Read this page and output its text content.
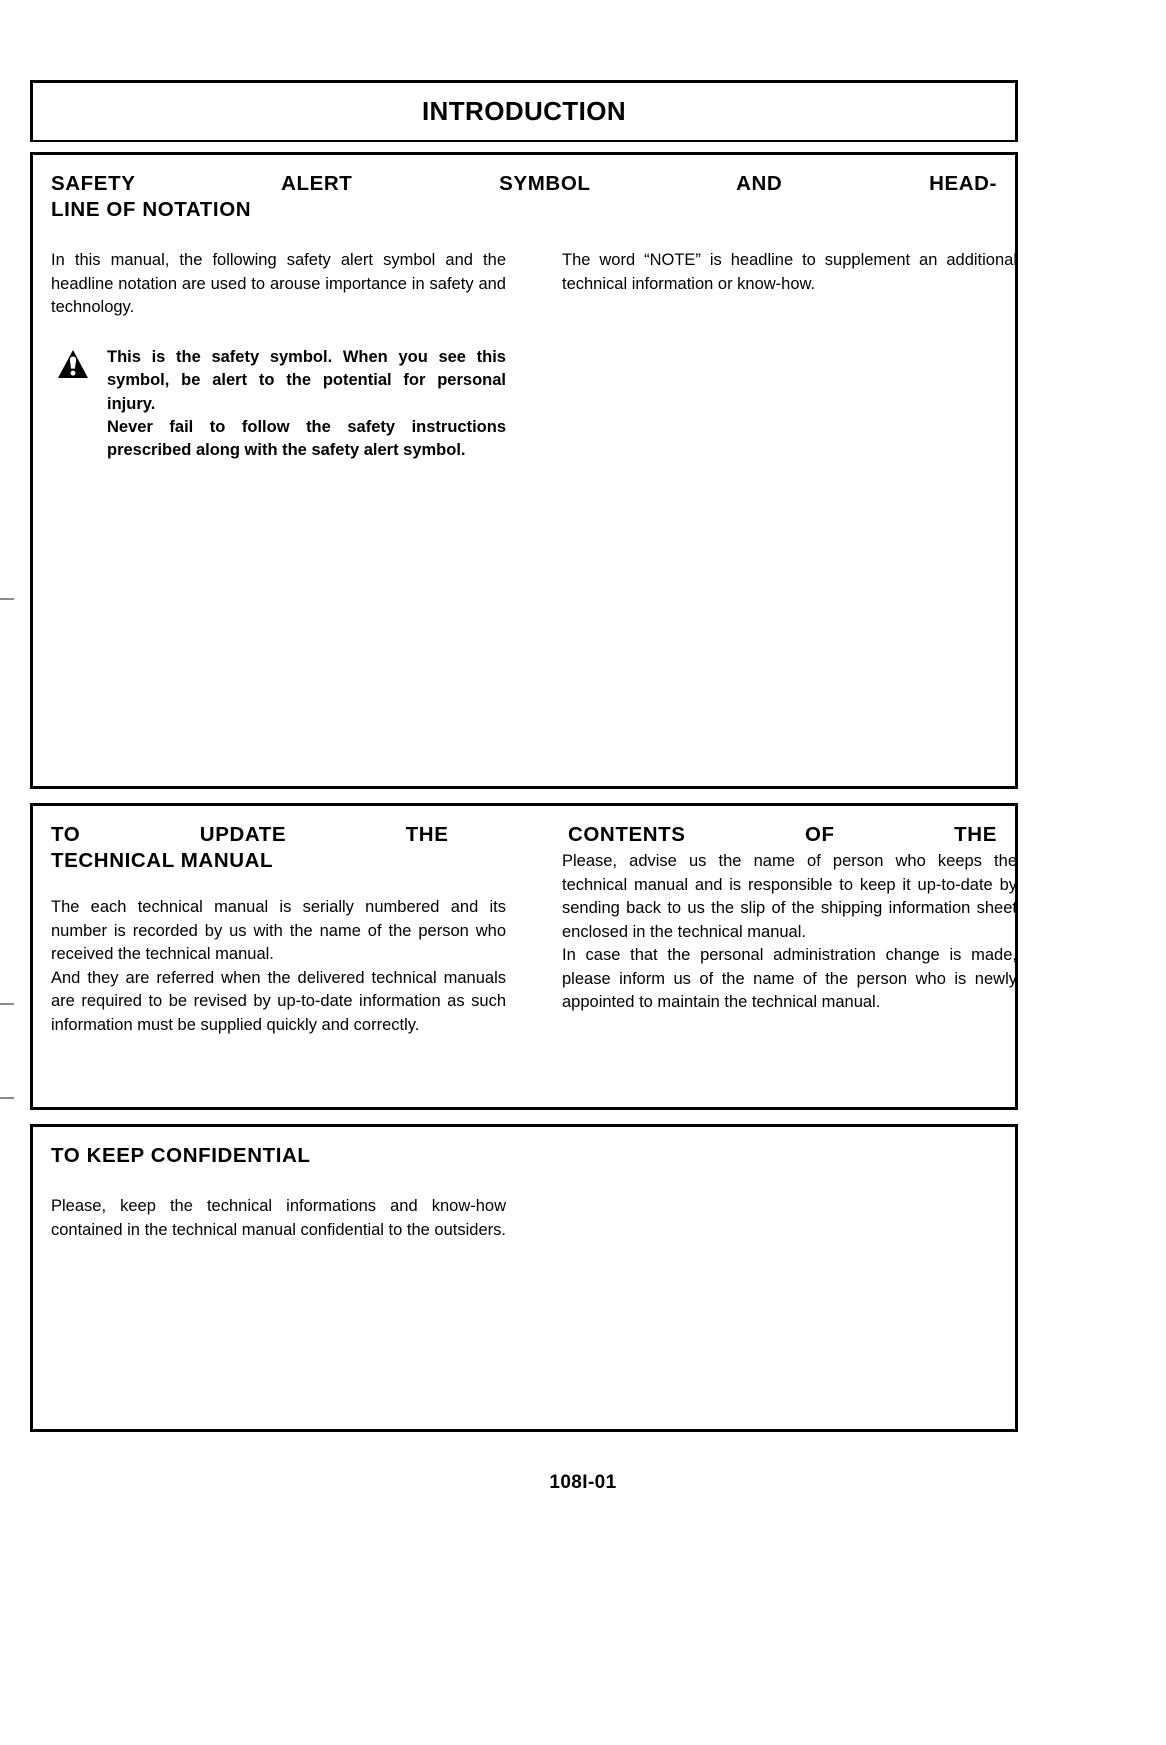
INTRODUCTION
SAFETY ALERT SYMBOL AND HEAD-
LINE OF NOTATION

In this manual, the following safety alert symbol and the headline notation are used to arouse importance in safety and technology.

This is the safety symbol. When you see this symbol, be alert to the potential for personal injury.

Never fail to follow the safety instructions prescribed along with the safety alert symbol.

The word “NOTE” is headline to supplement an additional technical information or know-how.

TO UPDATE THE CONTENTS OF THE
TECHNICAL MANUAL

The each technical manual is serially numbered and its number is recorded by us with the name of the person who received the technical manual.

And they are referred when the delivered technical manuals are required to be revised by up-to-date information as such information must be supplied quickly and correctly.

Please, advise us the name of person who keeps the technical manual and is responsible to keep it up-to-date by sending back to us the slip of the shipping information sheet enclosed in the technical manual.

In case that the personal administration change is made, please inform us of the name of the person who is newly appointed to maintain the technical manual.

TO KEEP CONFIDENTIAL

Please, keep the technical informations and know-how contained in the technical manual confidential to the outsiders.

108I-01
